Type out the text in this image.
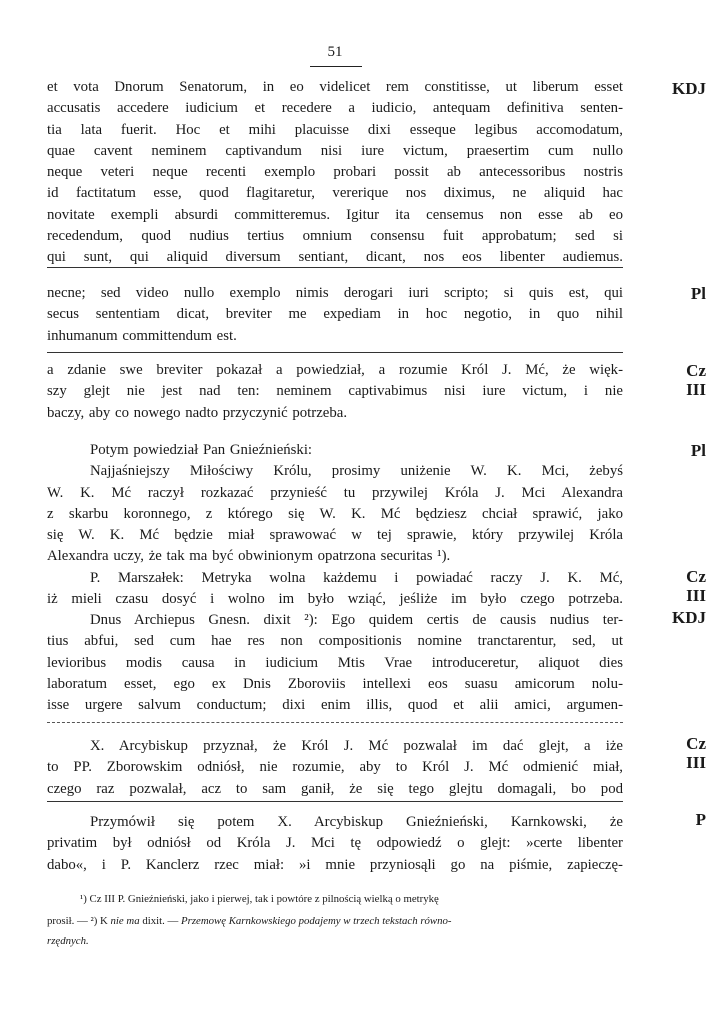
51
et vota Dnorum Senatorum, in eo videlicet rem constitisse, ut liberum esset
accusatis accedere iudicium et recedere a iudicio, antequam definitiva senten-
tia lata fuerit. Hoc et mihi placuisse dixi esseque legibus accomodatum,
quae cavent neminem captivandum nisi iure victum, praesertim cum nullo
neque veteri neque recenti exemplo probari possit ab antecessoribus nostris
id factitatum esse, quod flagitaretur, vererique nos diximus, ne aliquid hac
novitate exempli absurdi committeremus. Igitur ita censemus non esse ab eo
recedendum, quod nudius tertius omnium consensu fuit approbatum; sed si
qui sunt, qui aliquid diversum sentiant, dicant, nos eos libenter audiemus.
KDJ
necne; sed video nullo exemplo nimis derogari iuri scripto; si quis est, qui
secus sententiam dicat, breviter me expediam in hoc negotio, in quo nihil
inhumanum committendum est.
Pl
a zdanie swe breviter pokazał a powiedział, a rozumie Król J. Mć, że więk-
szy glejt nie jest nad ten: neminem captivabimus nisi iure victum, i nie
baczy, aby co nowego nadto przyczynić potrzeba.
Cz
III
Potym powiedział Pan Gnieźnieński:
Najjaśniejszy Miłościwy Królu, prosimy uniżenie W. K. Mci, żebyś
W. K. Mć raczył rozkazać przynieść tu przywilej Króla J. Mci Alexandra
z skarbu koronnego, z którego się W. K. Mć będziesz chciał sprawić, jako
się W. K. Mć będzie miał sprawować w tej sprawie, który przywilej Króla
Alexandra uczy, że tak ma być obwinionym opatrzona securitas ¹).
Pl
P. Marszałek: Metryka wolna każdemu i powiadać raczy J. K. Mć,
iż mieli czasu dosyć i wolno im było wziąć, jeśliże im było czego potrzeba.
Cz
III
Dnus Archiepus Gnesn. dixit ²): Ego quidem certis de causis nudius ter-
tius abfui, sed cum hae res non compositionis nomine tranctarentur, sed, ut
levioribus modis causa in iudicium Mtis Vrae introduceretur, aliquot dies
laboratum esset, ego ex Dnis Zboroviis intellexi eos suasu amicorum nolu-
isse urgere salvum conductum; dixi enim illis, quod et alii amici, argumen-
KDJ
X. Arcybiskup przyznał, że Król J. Mć pozwalał im dać glejt, a iże
to PP. Zborowskim odniósł, nie rozumie, aby to Król J. Mć odmienić miał,
czego raz pozwalał, acz to sam ganił, że się tego glejtu domagali, bo pod
Cz
III
Przymówił się potem X. Arcybiskup Gnieźnieński, Karnkowski, że
privatim był odniósł od Króla J. Mci tę odpowiedź o glejt: »certe libenter
dabo«, i P. Kanclerz rzec miał: »i mnie przyniosąli go na piśmie, zapieczę-
P
¹) Cz III P. Gnieźnieński, jako i pierwej, tak i powtóre z pilnością wielką o metrykę
prosił. — ²) K nie ma dixit. — Przemowę Karnkowskiego podajemy w trzech tekstach równo-
rzędnych.
